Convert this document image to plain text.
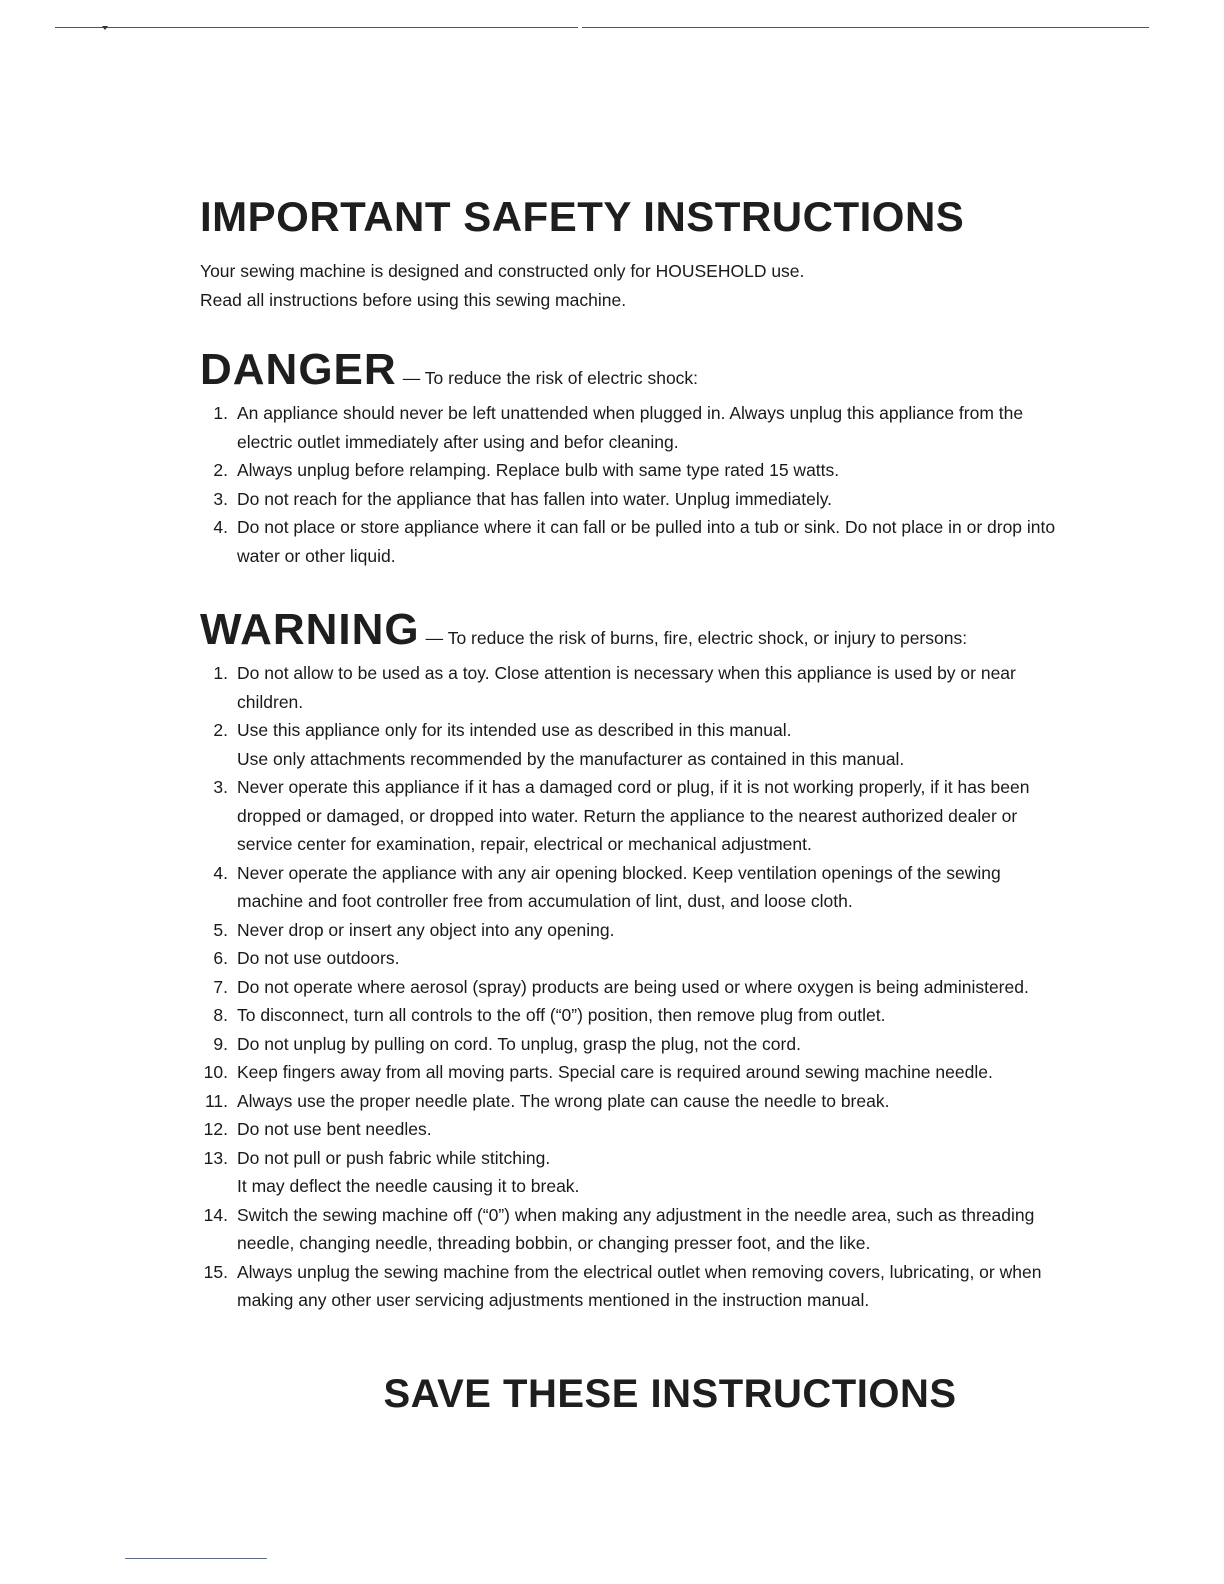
IMPORTANT SAFETY INSTRUCTIONS

Your sewing machine is designed and constructed only for HOUSEHOLD use.

Read all instructions before using this sewing machine.

DANGER — To reduce the risk of electric shock:
1. An appliance should never be left unattended when plugged in. Always unplug this appliance from the electric outlet immediately after using and befor cleaning.
2. Always unplug before relamping. Replace bulb with same type rated 15 watts.
3. Do not reach for the appliance that has fallen into water. Unplug immediately.
4. Do not place or store appliance where it can fall or be pulled into a tub or sink. Do not place in or drop into water or other liquid.
WARNING — To reduce the risk of burns, fire, electric shock, or injury to persons:
1. Do not allow to be used as a toy. Close attention is necessary when this appliance is used by or near children.
2. Use this appliance only for its intended use as described in this manual.
Use only attachments recommended by the manufacturer as contained in this manual.
3. Never operate this appliance if it has a damaged cord or plug, if it is not working properly, if it has been dropped or damaged, or dropped into water. Return the appliance to the nearest authorized dealer or service center for examination, repair, electrical or mechanical adjustment.
4. Never operate the appliance with any air opening blocked. Keep ventilation openings of the sewing machine and foot controller free from accumulation of lint, dust, and loose cloth.
5. Never drop or insert any object into any opening.
6. Do not use outdoors.
7. Do not operate where aerosol (spray) products are being used or where oxygen is being administered.
8. To disconnect, turn all controls to the off (“0”) position, then remove plug from outlet.
9. Do not unplug by pulling on cord. To unplug, grasp the plug, not the cord.
10. Keep fingers away from all moving parts. Special care is required around sewing machine needle.
11. Always use the proper needle plate. The wrong plate can cause the needle to break.
12. Do not use bent needles.
13. Do not pull or push fabric while stitching.
It may deflect the needle causing it to break.
14. Switch the sewing machine off (“0”) when making any adjustment in the needle area, such as threading needle, changing needle, threading bobbin, or changing presser foot, and the like.
15. Always unplug the sewing machine from the electrical outlet when removing covers, lubricating, or when making any other user servicing adjustments mentioned in the instruction manual.
SAVE THESE INSTRUCTIONS
